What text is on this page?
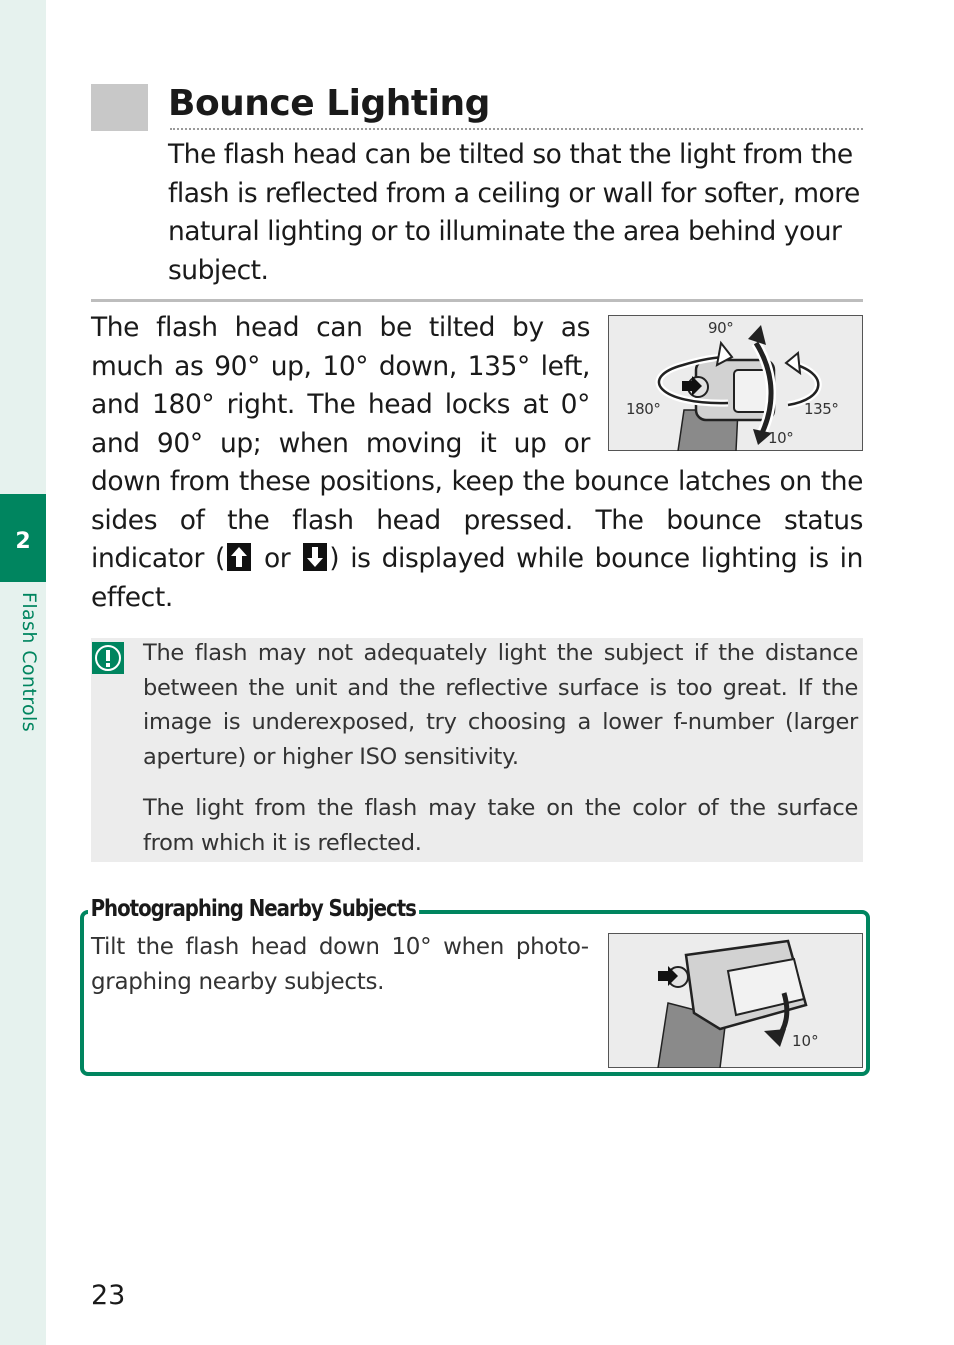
2
Flash Controls
Bounce Lighting

The flash head can be tilted so that the light from the flash is reflected from a ceiling or wall for softer, more natural lighting or to illuminate the area behind your subject.

90°
180°	135°
10°
The flash head can be tilted by as much as 90° up, 10° down, 135° left, and 180° right. The head locks at 0° and 90° up; when moving it up or down from these positions, keep the bounce latches on the sides of the flash head pressed. The bounce status indicator ( or ) is displayed while bounce lighting is in effect.

The flash may not adequately light the subject if the distance between the unit and the reflective surface is too great. If the image is underexposed, try choosing a lower f-number (larger aperture) or higher ISO sensitivity.

The light from the flash may take on the color of the surface from which it is reflected.

Photographing Nearby Subjects

Tilt the flash head down 10° when photographing nearby subjects.

10°
23
